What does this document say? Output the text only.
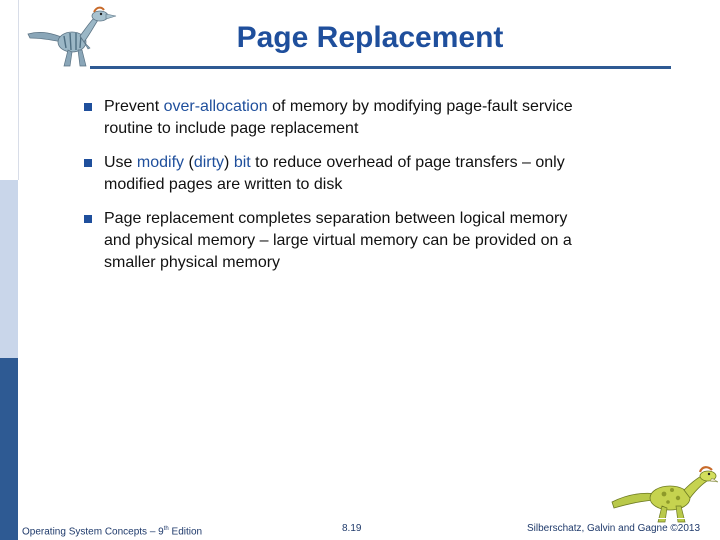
Page Replacement
Prevent over-allocation of memory by modifying page-fault service routine to include page replacement
Use modify (dirty) bit to reduce overhead of page transfers – only modified pages are written to disk
Page replacement completes separation between logical memory and physical memory – large virtual memory can be provided on a smaller physical memory
Operating System Concepts – 9th Edition	8.19	Silberschatz, Galvin and Gagne ©2013
